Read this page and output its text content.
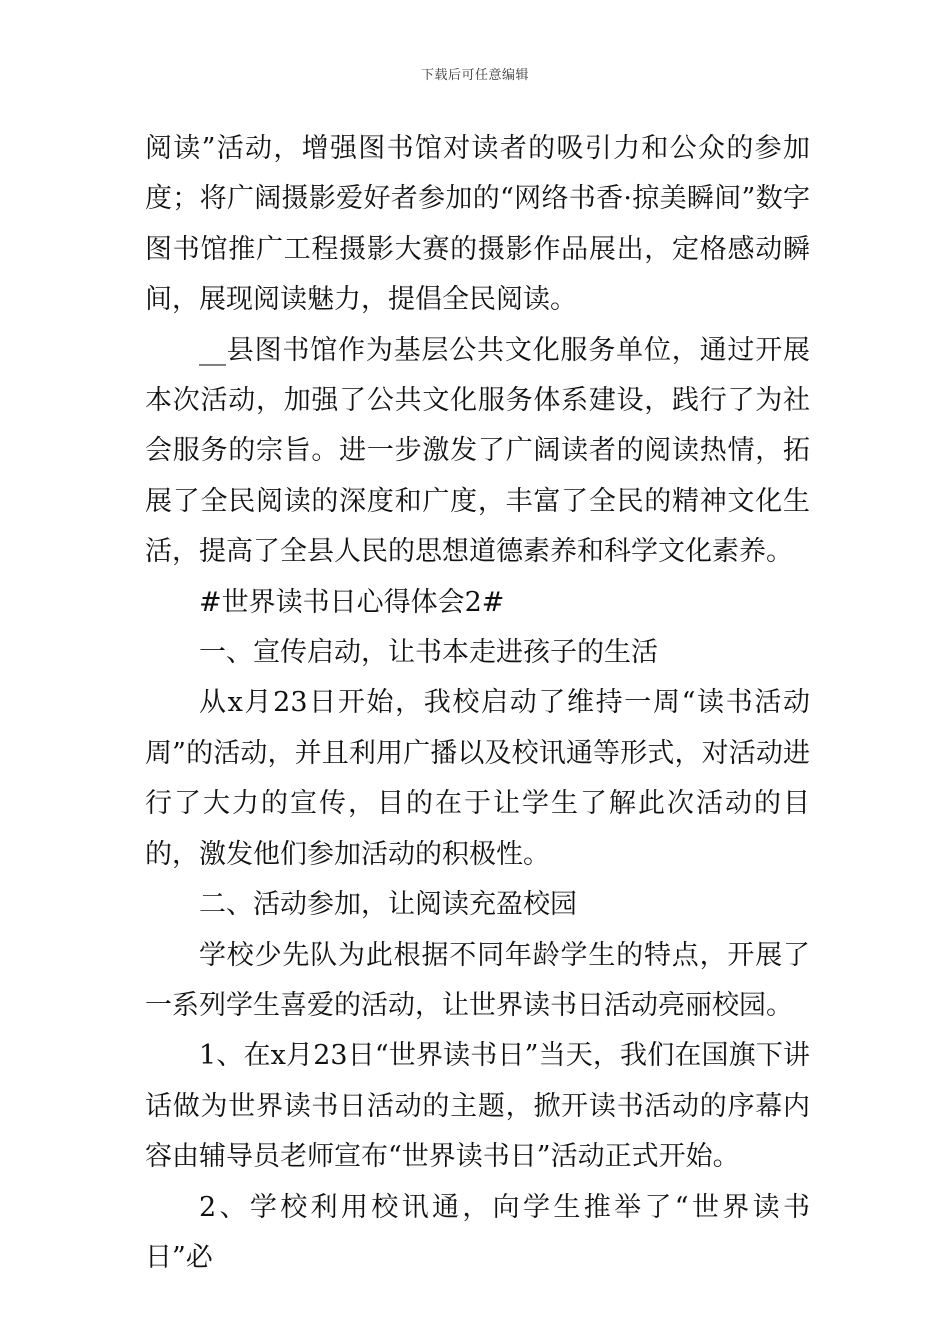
下载后可任意编辑

阅读”活动，增强图书馆对读者的吸引力和公众的参加度；将广阔摄影爱好者参加的“网络书香·掠美瞬间”数字图书馆推广工程摄影大赛的摄影作品展出，定格感动瞬间，展现阅读魅力，提倡全民阅读。

__县图书馆作为基层公共文化服务单位，通过开展本次活动，加强了公共文化服务体系建设，践行了为社会服务的宗旨。进一步激发了广阔读者的阅读热情，拓展了全民阅读的深度和广度，丰富了全民的精神文化生活，提高了全县人民的思想道德素养和科学文化素养。

#世界读书日心得体会2#

一、宣传启动，让书本走进孩子的生活

从x月23日开始，我校启动了维持一周“读书活动周”的活动，并且利用广播以及校讯通等形式，对活动进行了大力的宣传，目的在于让学生了解此次活动的目的，激发他们参加活动的积极性。

二、活动参加，让阅读充盈校园

学校少先队为此根据不同年龄学生的特点，开展了一系列学生喜爱的活动，让世界读书日活动亮丽校园。

1、在x月23日“世界读书日”当天，我们在国旗下讲话做为世界读书日活动的主题，掀开读书活动的序幕内容由辅导员老师宣布“世界读书日”活动正式开始。

2、学校利用校讯通，向学生推举了“世界读书日”必
